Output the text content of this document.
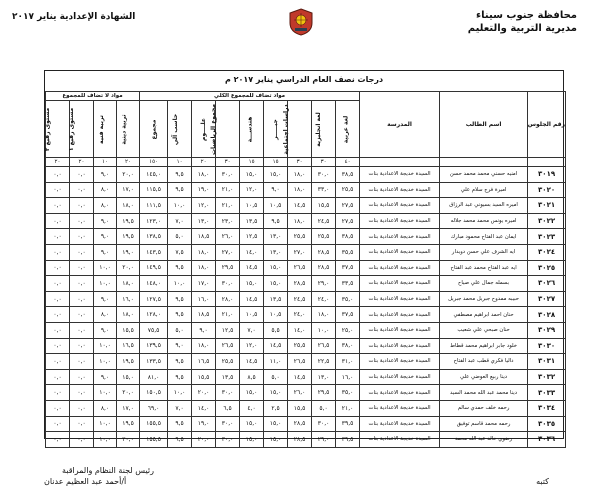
محافظة جنوب سيناء
مديرية التربية والتعليم
الشهادة الإعدادية يناير ٢٠١٧
درجات نصف العام الدراسي يناير ٢٠١٧ م
رقم الجلوس	اسم الطالب	المدرسة	مواد تضاف للمجموع الكلي									مواد لا تضاف للمجموع			
			لغة عربية	لغة انجليزية	دراسات اجتماعية	جبـــــر	هندســـة	مجموع الرياضيات	علــــوم	حاسب آلي	مجموع	تربية دينية	تربية فنية	مستوى رفيع ١	مستوى رفيع ٢
			٤٠	٣٠	٣٠	١٥	١٥	٣٠	٢٠	١٠	١٥٠	٢٠	١٠	٢٠	٢٠
٣٠١٩	امنيه حسني محمد محمد حسن	السيدة خديجة الاعدادية بنات	٣٨,٥	٣٠,٠	١٨,٠	١٥,٠	١٥,٠	٣٠,٠	١٨,٠	٩,٥	١٤٥,٠	٢٠,٠	٩,٠	٠,٠	٠,٠
٣٠٢٠	اميرة فرج سلام علي	السيدة خديجة الاعدادية بنات	٢٥,٥	٣٣,٠	١٨,٠	٩,٠	١٢,٠	٢١,٠	١٩,٠	٩,٥	١١٥,٥	١٧,٠	٨,٠	٠,٠	٠,٠
٣٠٢١	اميره السيد بسيوني عبد الرزاق	السيدة خديجة الاعدادية بنات	٢٧,٥	١٥,٥	١٤,٥	١٠,٥	١٠,٥	٢١,٠	١٢,٠	١٠,٠	١١١,٥	١٨,٠	٨,٠	٠,٠	٠,٠
٣٠٢٢	اميره يونس محمد محمد جلاله	السيدة خديجة الاعدادية بنات	٢٧,٥	٢٤,٥	١٨,٠	٩,٥	١٣,٥	٢٣,٠	١٣,٠	٧,٠	١٢٣,٠	١٩,٥	٩,٠	٠,٠	٠,٠
٣٠٢٣	ايمان عبد الفتاح محمود مبارك	السيدة خديجة الاعدادية بنات	٣٨,٥	٢٥,٥	٢٥,٥	١٣,٠	١٢,٥	٢٦,٠	١٨,٥	٥,٠	١٣٨,٥	١٩,٥	٩,٠	٠,٠	٠,٠
٣٠٢٤	ايه الشرف علي حسن دويدار	السيدة خديجة الاعدادية بنات	٣٥,٥	٢٨,٥	٢٧,٠	١٣,٠	١٤,٠	٢٧,٠	١٨,٠	٧,٥	١٤٣,٥	١٩,٠	٩,٠	٠,٠	٠,٠
٣٠٢٥	ايه عبد الفتاح محمد عبد الفتاح	السيدة خديجة الاعدادية بنات	٣٧,٥	٢٨,٥	٢٦,٥	١٥,٠	١٤,٥	٢٩,٥	١٨,٠	٩,٥	١٤٩,٥	٢٠,٠	١٠,٠	٠,٠	٠,٠
٣٠٢٦	بسمله جمال علي صياح	السيدة خديجة الاعدادية بنات	٣٣,٥	٢٩,٠	٢٨,٥	١٥,٠	١٥,٠	٣٠,٠	١٧,٠	١٠,٠	١٤٨,٠	١٨,٠	١٠,٠	٠,٠	٠,٠
٣٠٢٧	حبيبه ممدوح جبريل محمد جبريل	السيدة خديجة الاعدادية بنات	٣٥,٠	٢٤,٠	٢٤,٥	١٣,٥	١٤,٥	٢٨,٠	١٦,٠	٩,٥	١٢٧,٥	١٦,٠	٩,٠	٠,٠	٠,٠
٣٠٢٨	حنان احمد ابراهيم مصطفي	السيدة خديجة الاعدادية بنات	٣٧,٥	١٨,٠	٢٤,٠	١٠,٥	١٠,٥	٢١,٠	١٨,٥	٩,٥	١٢٨,٠	١٨,٠	٨,٠	٠,٠	٠,٠
٣٠٢٩	حنان صبحي علي شعيب	السيدة خديجة الاعدادية بنات	٢٥,٠	١٠,٠	١٤,٠	٥,٥	٧,٠	١٢,٥	٩,٠	٥,٠	٧٥,٥	١٥,٥	٩,٠	٠,٠	٠,٠
٣٠٣٠	خلود جابر ابراهيم محمد قطاط	السيدة خديجة الاعدادية بنات	٣٨,٠	٢٦,٥	٢٥,٥	١٤,٥	١٢,٠	٢٦,٥	١٨,٠	٩,٠	١٣٩,٥	١٦,٥	١٠,٠	٠,٠	٠,٠
٣٠٣١	داليا فكري قطب عبد الفتاح	السيدة خديجة الاعدادية بنات	٣١,٠	٢٢,٥	٢٦,٥	١١,٠	١٤,٥	٢٥,٥	١٦,٥	٩,٥	١٣٣,٥	١٩,٥	١٠,٠	٠,٠	٠,٠
٣٠٣٢	دينا ربيع العوضي علي	السيدة خديجة الاعدادية بنات	١٦,٠	١٣,٠	١٤,٥	٥,٠	٨,٥	١٣,٥	١٥,٥	٩,٥	٨١,٠	١٥,٠	٩,٠	٠,٠	٠,٠
٣٠٣٣	دينا محمد عبد الله محمد السيد	السيدة خديجة الاعدادية بنات	٣٥,٠	٢٩,٥	٢٦,٠	١٥,٠	١٥,٠	٣٠,٠	٢٠,٠	١٠,٠	١٥٠,٥	٢٠,٠	١٠,٠	٠,٠	٠,٠
٣٠٣٤	رحمه خلف حمدي سالم	السيدة خديجة الاعدادية بنات	٢١,٠	٥,٠	١٥,٥	٢,٥	٤,٠	٦,٥	١٤,٠	٧,٠	٦٩,٠	١٧,٠	٨,٠	٠,٠	٠,٠
٣٠٣٥	رحمه محمد قاسم توفيق	السيدة خديجة الاعدادية بنات	٣٩,٥	٣٠,٠	٢٨,٥	١٥,٠	١٥,٠	٣٠,٠	١٩,٠	٩,٥	١٥٥,٥	١٩,٥	١٠,٠	٠,٠	٠,٠
٣٠٣٦	رضوي خالد عبد الله محمد	السيدة خديجة الاعدادية بنات	٣٩,٥	٢٩,٠	٢٨,٥	١٥,٠	١٥,٠	٣٠,٠	٢٠,٠	٩,٥	١٥٥,٥	٢٠,٠	١٠,٠	٠,٠	٠,٠
رئيس لجنة النظام والمراقبة
أ/أحمد عبد العظيم عدنان	كتبه
